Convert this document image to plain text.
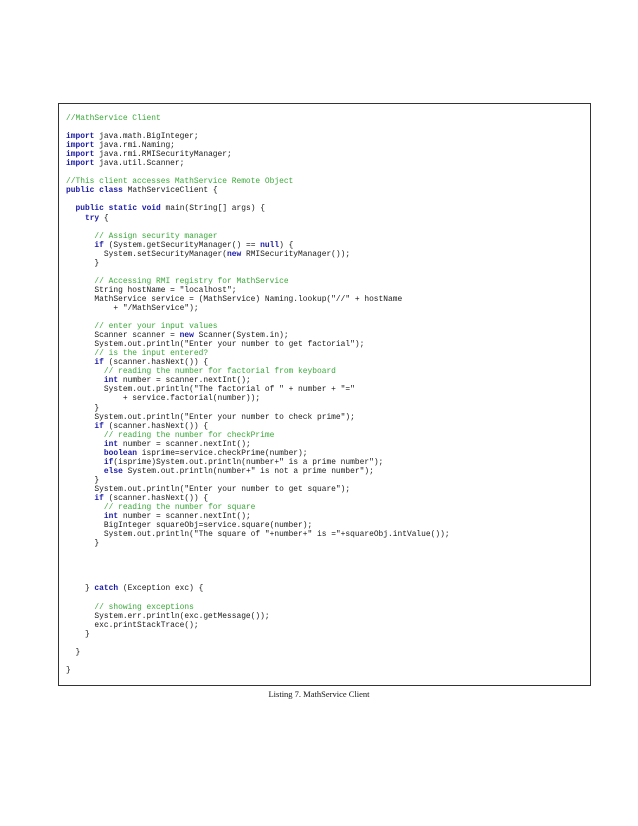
//MathService Client

import java.math.BigInteger;
import java.rmi.Naming;
import java.rmi.RMISecurityManager;
import java.util.Scanner;

//This client accesses MathService Remote Object
public class MathServiceClient {

public static void main(String[] args) {
try {

// Assign security manager
if (System.getSecurityManager() == null) {
System.setSecurityManager(new RMISecurityManager());
}

// Accessing RMI registry for MathService
String hostName = "localhost";
MathService service = (MathService) Naming.lookup("//" + hostName
+ "/MathService");

// enter your input values
Scanner scanner = new Scanner(System.in);
System.out.println("Enter your number to get factorial");
// is the input entered?
if (scanner.hasNext()) {
// reading the number for factorial from keyboard
int number = scanner.nextInt();
System.out.println("The factorial of " + number + "="
+ service.factorial(number));
}
System.out.println("Enter your number to check prime");
if (scanner.hasNext()) {
// reading the number for checkPrime
int number = scanner.nextInt();
boolean isprime=service.checkPrime(number);
if(isprime)System.out.println(number+" is a prime number");
else System.out.println(number+" is not a prime number");
}
System.out.println("Enter your number to get square");
if (scanner.hasNext()) {
// reading the number for square
int number = scanner.nextInt();
BigInteger squareObj=service.square(number);
System.out.println("The square of "+number+" is ="+squareObj.intValue());
}

} catch (Exception exc) {

// showing exceptions
System.err.println(exc.getMessage());
exc.printStackTrace();
}

}

}
Listing 7. MathService Client
